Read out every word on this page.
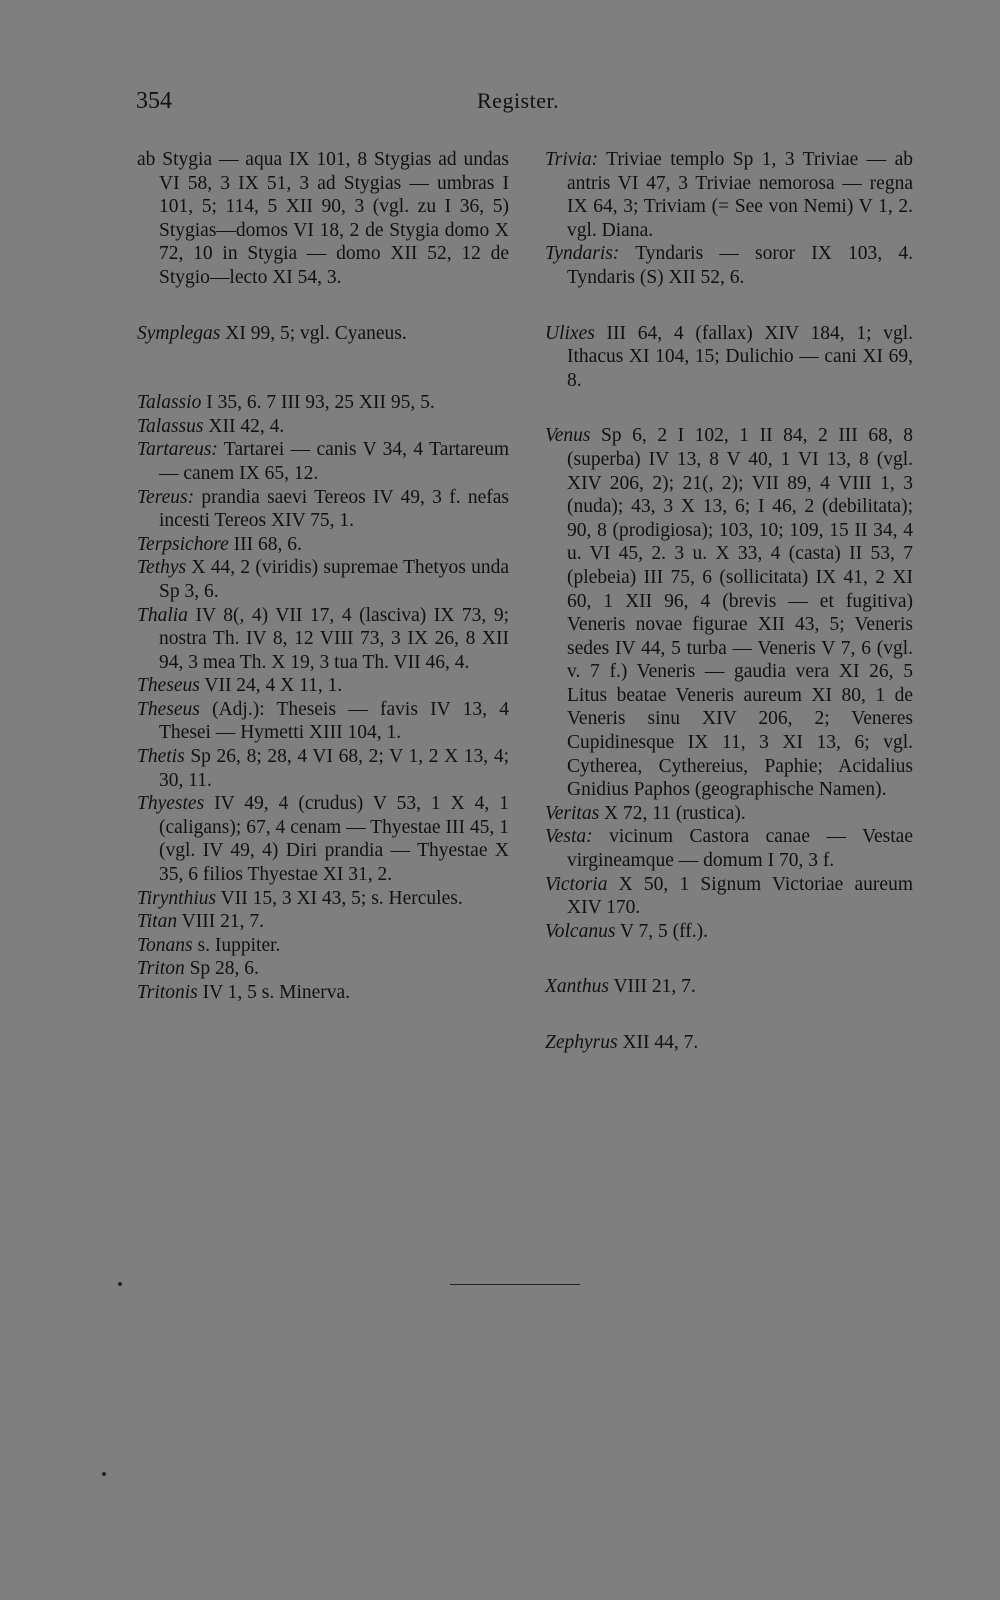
354	Register.

ab Stygia — aqua IX 101, 8 Stygias ad undas VI 58, 3 IX 51, 3 ad Stygias — umbras I 101, 5; 114, 5 XII 90, 3 (vgl. zu I 36, 5) Stygias—domos VI 18, 2 de Stygia domo X 72, 10 in Stygia — domo XII 52, 12 de Stygio—lecto XI 54, 3.

Symplegas XI 99, 5; vgl. Cyaneus.

Talassio I 35, 6. 7 III 93, 25 XII 95, 5.

Talassus XII 42, 4.

Tartareus: Tartarei — canis V 34, 4 Tartareum — canem IX 65, 12.

Tereus: prandia saevi Tereos IV 49, 3 f. nefas incesti Tereos XIV 75, 1.

Terpsichore III 68, 6.

Tethys X 44, 2 (viridis) supremae Thetyos unda Sp 3, 6.

Thalia IV 8(, 4) VII 17, 4 (lasciva) IX 73, 9; nostra Th. IV 8, 12 VIII 73, 3 IX 26, 8 XII 94, 3 mea Th. X 19, 3 tua Th. VII 46, 4.

Theseus VII 24, 4 X 11, 1.

Theseus (Adj.): Theseis — favis IV 13, 4 Thesei — Hymetti XIII 104, 1.

Thetis Sp 26, 8; 28, 4 VI 68, 2; V 1, 2 X 13, 4; 30, 11.

Thyestes IV 49, 4 (crudus) V 53, 1 X 4, 1 (caligans); 67, 4 cenam — Thyestae III 45, 1 (vgl. IV 49, 4) Diri prandia — Thyestae X 35, 6 filios Thyestae XI 31, 2.

Tirynthius VII 15, 3 XI 43, 5; s. Hercules.

Titan VIII 21, 7.

Tonans s. Iuppiter.

Triton Sp 28, 6.

Tritonis IV 1, 5 s. Minerva.

Trivia: Triviae templo Sp 1, 3 Triviae — ab antris VI 47, 3 Triviae nemorosa — regna IX 64, 3; Triviam (= See von Nemi) V 1, 2. vgl. Diana.

Tyndaris: Tyndaris — soror IX 103, 4. Tyndaris (S) XII 52, 6.

Ulixes III 64, 4 (fallax) XIV 184, 1; vgl. Ithacus XI 104, 15; Dulichio — cani XI 69, 8.

Venus Sp 6, 2 I 102, 1 II 84, 2 III 68, 8 (superba) IV 13, 8 V 40, 1 VI 13, 8 (vgl. XIV 206, 2); 21(, 2); VII 89, 4 VIII 1, 3 (nuda); 43, 3 X 13, 6; I 46, 2 (debilitata); 90, 8 (prodigiosa); 103, 10; 109, 15 II 34, 4 u. VI 45, 2. 3 u. X 33, 4 (casta) II 53, 7 (plebeia) III 75, 6 (sollicitata) IX 41, 2 XI 60, 1 XII 96, 4 (brevis — et fugitiva) Veneris novae figurae XII 43, 5; Veneris sedes IV 44, 5 turba — Veneris V 7, 6 (vgl. v. 7 f.) Veneris — gaudia vera XI 26, 5 Litus beatae Veneris aureum XI 80, 1 de Veneris sinu XIV 206, 2; Veneres Cupidinesque IX 11, 3 XI 13, 6; vgl. Cytherea, Cythereius, Paphie; Acidalius Gnidius Paphos (geographische Namen).

Veritas X 72, 11 (rustica).

Vesta: vicinum Castora canae — Vestae virgineamque — domum I 70, 3 f.

Victoria X 50, 1 Signum Victoriae aureum XIV 170.

Volcanus V 7, 5 (ff.).

Xanthus VIII 21, 7.

Zephyrus XII 44, 7.
